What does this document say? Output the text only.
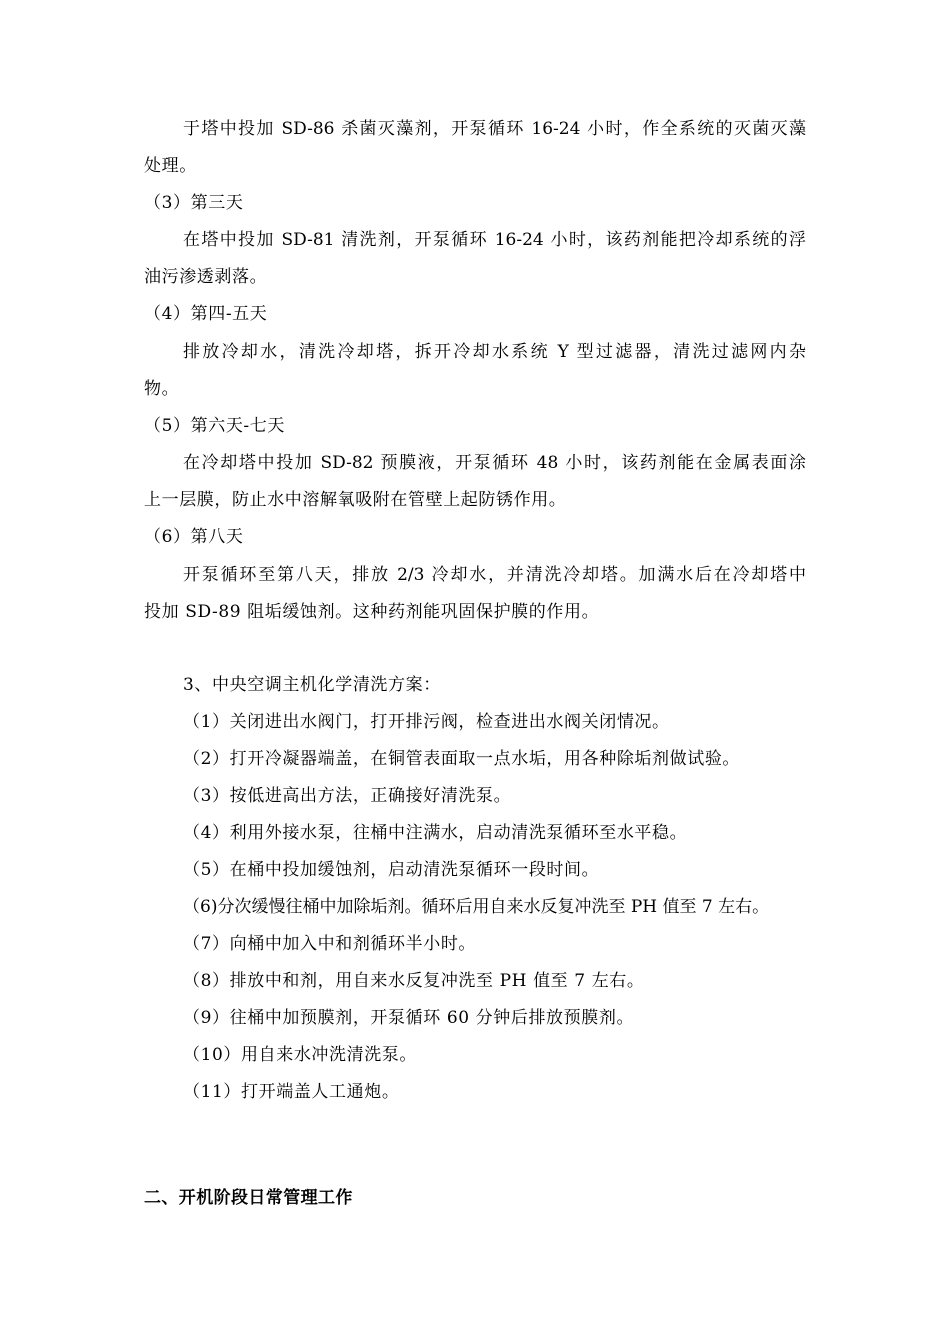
于塔中投加 SD-86 杀菌灭藻剂，开泵循环 16-24 小时，作全系统的灭菌灭藻
处理。
（3）第三天
在塔中投加 SD-81 清洗剂，开泵循环 16-24 小时，该药剂能把冷却系统的浮
油污渗透剥落。
（4）第四-五天
排放冷却水，清洗冷却塔，拆开冷却水系统 Y 型过滤器，清洗过滤网内杂
物。
（5）第六天-七天
在冷却塔中投加 SD-82 预膜液，开泵循环 48 小时，该药剂能在金属表面涂
上一层膜，防止水中溶解氧吸附在管壁上起防锈作用。
（6）第八天
开泵循环至第八天，排放 2/3 冷却水，并清洗冷却塔。加满水后在冷却塔中
投加 SD-89 阻垢缓蚀剂。这种药剂能巩固保护膜的作用。
3、中央空调主机化学清洗方案：
（1）关闭进出水阀门，打开排污阀，检查进出水阀关闭情况。
（2）打开冷凝器端盖，在铜管表面取一点水垢，用各种除垢剂做试验。
（3）按低进高出方法，正确接好清洗泵。
（4）利用外接水泵，往桶中注满水，启动清洗泵循环至水平稳。
（5）在桶中投加缓蚀剂，启动清洗泵循环一段时间。
（6)分次缓慢往桶中加除垢剂。循环后用自来水反复冲洗至 PH 值至 7 左右。
（7）向桶中加入中和剂循环半小时。
（8）排放中和剂，用自来水反复冲洗至 PH 值至 7 左右。
（9）往桶中加预膜剂，开泵循环 60 分钟后排放预膜剂。
（10）用自来水冲洗清洗泵。
（11）打开端盖人工通炮。
二、开机阶段日常管理工作
